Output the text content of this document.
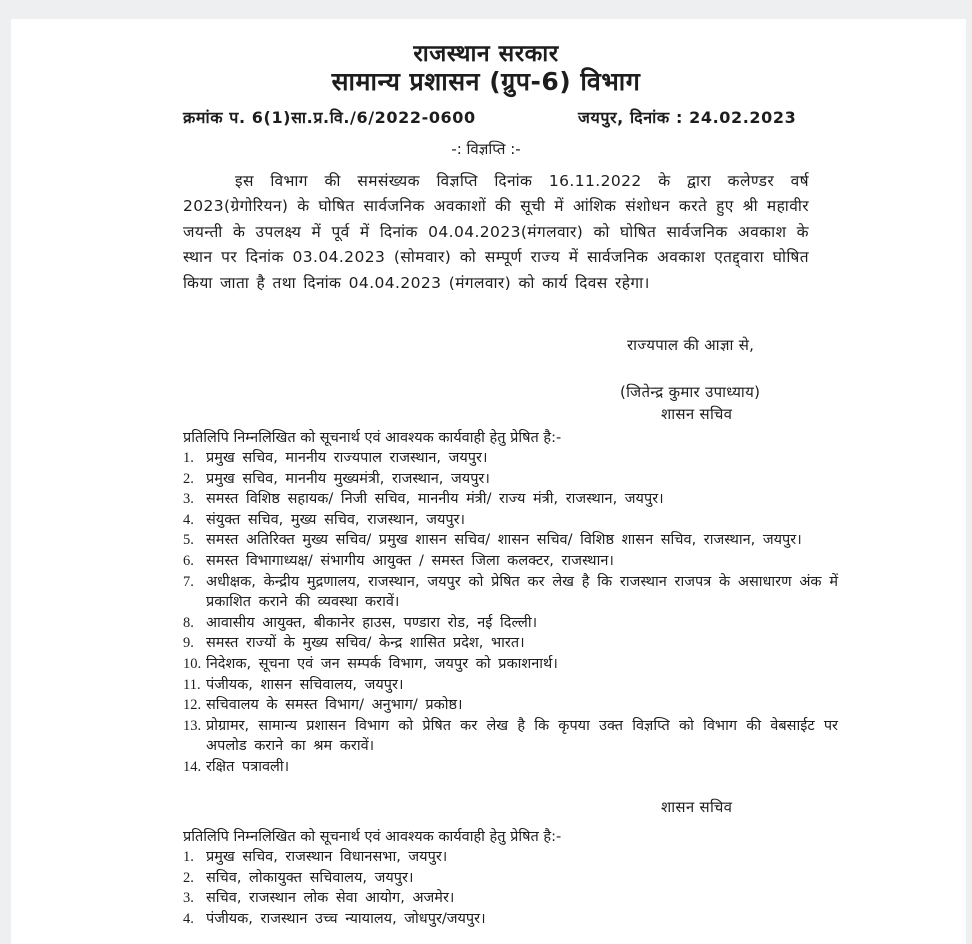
राजस्थान सरकार
सामान्य प्रशासन (ग्रुप-6) विभाग
क्रमांक प. 6(1)सा.प्र.वि./6/2022-0600	जयपुर, दिनांक : 24.02.2023
-: विज्ञप्ति :-
इस विभाग की समसंख्यक विज्ञप्ति दिनांक 16.11.2022 के द्वारा कलेण्डर वर्ष 2023(ग्रेगोरियन) के घोषित सार्वजनिक अवकाशों की सूची में आंशिक संशोधन करते हुए श्री महावीर जयन्ती के उपलक्ष्य में पूर्व में दिनांक 04.04.2023(मंगलवार) को घोषित सार्वजनिक अवकाश के स्थान पर दिनांक 03.04.2023 (सोमवार) को सम्पूर्ण राज्य में सार्वजनिक अवकाश एतद्द्वारा घोषित किया जाता है तथा दिनांक 04.04.2023 (मंगलवार) को कार्य दिवस रहेगा।
राज्यपाल की आज्ञा से,
(जितेन्द्र कुमार उपाध्याय)
शासन सचिव
प्रतिलिपि निम्नलिखित को सूचनार्थ एवं आवश्यक कार्यवाही हेतु प्रेषित है:-
1. प्रमुख सचिव, माननीय राज्यपाल राजस्थान, जयपुर।
2. प्रमुख सचिव, माननीय मुख्यमंत्री, राजस्थान, जयपुर।
3. समस्त विशिष्ठ सहायक/ निजी सचिव, माननीय मंत्री/ राज्य मंत्री, राजस्थान, जयपुर।
4. संयुक्त सचिव, मुख्य सचिव, राजस्थान, जयपुर।
5. समस्त अतिरिक्त मुख्य सचिव/ प्रमुख शासन सचिव/ शासन सचिव/ विशिष्ठ शासन सचिव, राजस्थान, जयपुर।
6. समस्त विभागाध्यक्ष/ संभागीय आयुक्त / समस्त जिला कलक्टर, राजस्थान।
7. अधीक्षक, केन्द्रीय मुद्रणालय, राजस्थान, जयपुर को प्रेषित कर लेख है कि राजस्थान राजपत्र के असाधारण अंक में प्रकाशित कराने की व्यवस्था करावें।
8. आवासीय आयुक्त, बीकानेर हाउस, पण्डारा रोड, नई दिल्ली।
9. समस्त राज्यों के मुख्य सचिव/ केन्द्र शासित प्रदेश, भारत।
10. निदेशक, सूचना एवं जन सम्पर्क विभाग, जयपुर को प्रकाशनार्थ।
11. पंजीयक, शासन सचिवालय, जयपुर।
12. सचिवालय के समस्त विभाग/ अनुभाग/ प्रकोष्ठ।
13. प्रोग्रामर, सामान्य प्रशासन विभाग को प्रेषित कर लेख है कि कृपया उक्त विज्ञप्ति को विभाग की वेबसाईट पर अपलोड कराने का श्रम करावें।
14. रक्षित पत्रावली।
शासन सचिव
प्रतिलिपि निम्नलिखित को सूचनार्थ एवं आवश्यक कार्यवाही हेतु प्रेषित है:-
1. प्रमुख सचिव, राजस्थान विधानसभा, जयपुर।
2. सचिव, लोकायुक्त सचिवालय, जयपुर।
3. सचिव, राजस्थान लोक सेवा आयोग, अजमेर।
4. पंजीयक, राजस्थान उच्च न्यायालय, जोधपुर/जयपुर।
